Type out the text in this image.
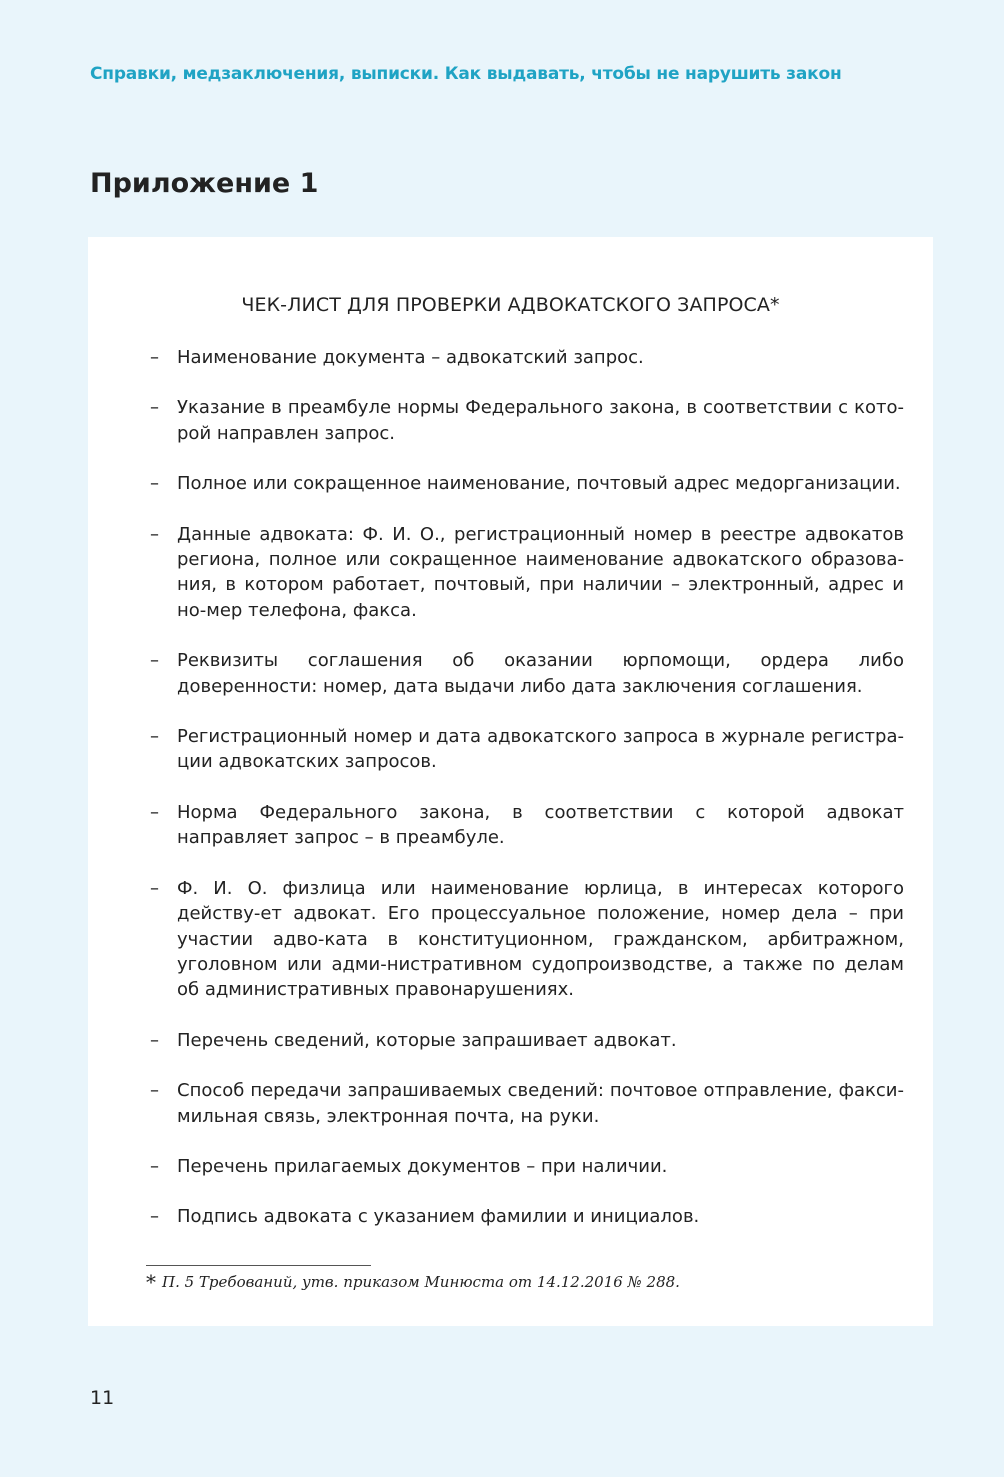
Справки, медзаключения, выписки. Как выдавать, чтобы не нарушить закон
Приложение 1
ЧЕК-ЛИСТ ДЛЯ ПРОВЕРКИ АДВОКАТСКОГО ЗАПРОСА*
– Наименование документа – адвокатский запрос.
– Указание в преамбуле нормы Федерального закона, в соответствии с кото-рой направлен запрос.
– Полное или сокращенное наименование, почтовый адрес медорганизации.
– Данные адвоката: Ф. И. О., регистрационный номер в реестре адвокатов региона, полное или сокращенное наименование адвокатского образова-ния, в котором работает, почтовый, при наличии – электронный, адрес и но-мер телефона, факса.
– Реквизиты соглашения об оказании юрпомощи, ордера либо доверенности: номер, дата выдачи либо дата заключения соглашения.
– Регистрационный номер и дата адвокатского запроса в журнале регистра-ции адвокатских запросов.
– Норма Федерального закона, в соответствии с которой адвокат направляет запрос – в преамбуле.
– Ф. И. О. физлица или наименование юрлица, в интересах которого действу-ет адвокат. Его процессуальное положение, номер дела – при участии адво-ката в конституционном, гражданском, арбитражном, уголовном или адми-нистративном судопроизводстве, а также по делам об административных правонарушениях.
– Перечень сведений, которые запрашивает адвокат.
– Способ передачи запрашиваемых сведений: почтовое отправление, факси-мильная связь, электронная почта, на руки.
– Перечень прилагаемых документов – при наличии.
– Подпись адвоката с указанием фамилии и инициалов.
* П. 5 Требований, утв. приказом Минюста от 14.12.2016 № 288.
11
